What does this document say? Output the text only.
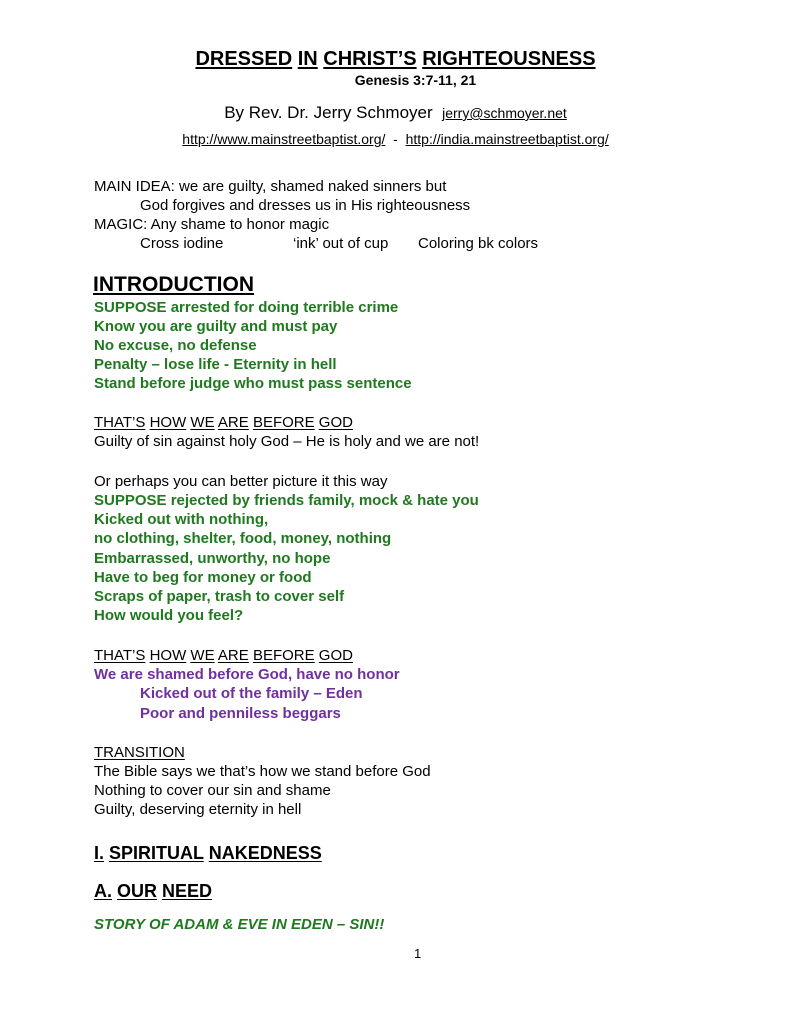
DRESSED IN CHRIST’S RIGHTEOUSNESS
Genesis 3:7-11, 21
By Rev. Dr. Jerry Schmoyer jerry@schmoyer.net
http://www.mainstreetbaptist.org/ - http://india.mainstreetbaptist.org/
MAIN IDEA: we are guilty, shamed naked sinners but
God forgives and dresses us in His righteousness
MAGIC: Any shame to honor magic
Cross iodine	‘ink’ out of cup Coloring bk colors
INTRODUCTION
SUPPOSE arrested for doing terrible crime
Know you are guilty and must pay
No excuse, no defense
Penalty – lose life - Eternity in hell
Stand before judge who must pass sentence
THAT’S HOW WE ARE BEFORE GOD
Guilty of sin against holy God – He is holy and we are not!
Or perhaps you can better picture it this way
SUPPOSE rejected by friends family, mock & hate you
Kicked out with nothing,
no clothing, shelter, food, money, nothing
Embarrassed, unworthy, no hope
Have to beg for money or food
Scraps of paper, trash to cover self
How would you feel?
THAT’S HOW WE ARE BEFORE GOD
We are shamed before God, have no honor
Kicked out of the family – Eden
Poor and penniless beggars
TRANSITION
The Bible says we that’s how we stand before God
Nothing to cover our sin and shame
Guilty, deserving eternity in hell
I. SPIRITUAL NAKEDNESS
A. OUR NEED
STORY OF ADAM & EVE IN EDEN – SIN!!
1
